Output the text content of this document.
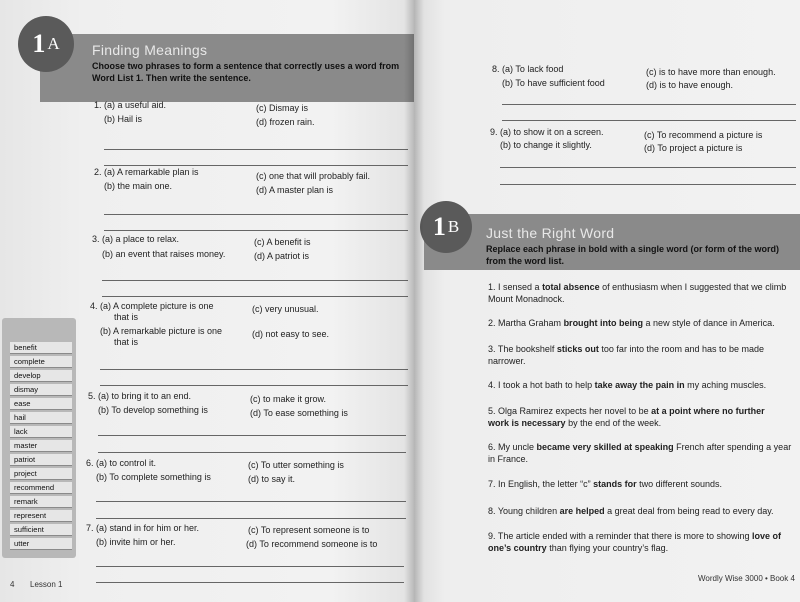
1 A Finding Meanings
Choose two phrases to form a sentence that correctly uses a word from Word List 1. Then write the sentence.
1. (a) a useful aid.
(b) Hail is
(c) Dismay is
(d) frozen rain.
2. (a) A remarkable plan is
(b) the main one.
(c) one that will probably fail.
(d) A master plan is
3. (a) a place to relax.
(b) an event that raises money.
(c) A benefit is
(d) A patriot is
4. (a) A complete picture is one
that is
(b) A remarkable picture is one
that is
(c) very unusual.
(d) not easy to see.
5. (a) to bring it to an end.
(b) To develop something is
(c) to make it grow.
(d) To ease something is
6. (a) to control it.
(b) To complete something is
(c) To utter something is
(d) to say it.
7. (a) stand in for him or her.
(b) invite him or her.
(c) To represent someone is to
(d) To recommend someone is to
benefit
complete
develop
dismay
ease
hail
lack
master
patriot
project
recommend
remark
represent
sufficient
utter
4 Lesson 1
8. (a) To lack food
(b) To have sufficient food
(c) is to have more than enough.
(d) is to have enough.
9. (a) to show it on a screen.
(b) to change it slightly.
(c) To recommend a picture is
(d) To project a picture is
1 B Just the Right Word
Replace each phrase in bold with a single word (or form of the word) from the word list.
1. I sensed a total absence of enthusiasm when I suggested that we climb Mount Monadnock.
2. Martha Graham brought into being a new style of dance in America.
3. The bookshelf sticks out too far into the room and has to be made narrower.
4. I took a hot bath to help take away the pain in my aching muscles.
5. Olga Ramirez expects her novel to be at a point where no further work is necessary by the end of the week.
6. My uncle became very skilled at speaking French after spending a year in France.
7. In English, the letter “c” stands for two different sounds.
8. Young children are helped a great deal from being read to every day.
9. The article ended with a reminder that there is more to showing love of one’s country than flying your country’s flag.
Wordly Wise 3000 • Book 4
